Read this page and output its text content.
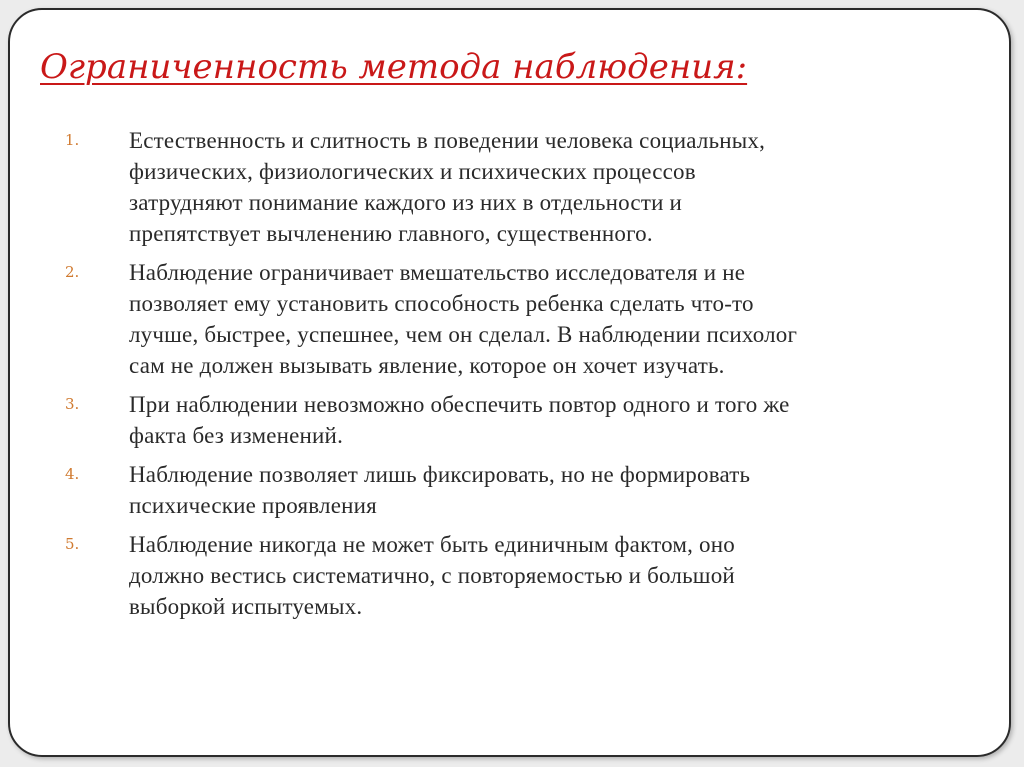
Ограниченность метода наблюдения:
1. Естественность и слитность в поведении человека социальных,
физических, физиологических и психических процессов
затрудняют понимание каждого из них в отдельности и
препятствует вычленению главного, существенного.
2. Наблюдение ограничивает вмешательство исследователя и не
позволяет ему установить способность ребенка сделать что-то
лучше, быстрее, успешнее, чем он сделал. В наблюдении психолог
сам не должен вызывать явление, которое он хочет изучать.
3. При наблюдении невозможно обеспечить повтор одного и того же
факта без изменений.
4. Наблюдение позволяет лишь фиксировать, но не формировать
психические проявления
5. Наблюдение никогда не может быть единичным фактом, оно
должно вестись систематично, с повторяемостью и большой
выборкой испытуемых.
